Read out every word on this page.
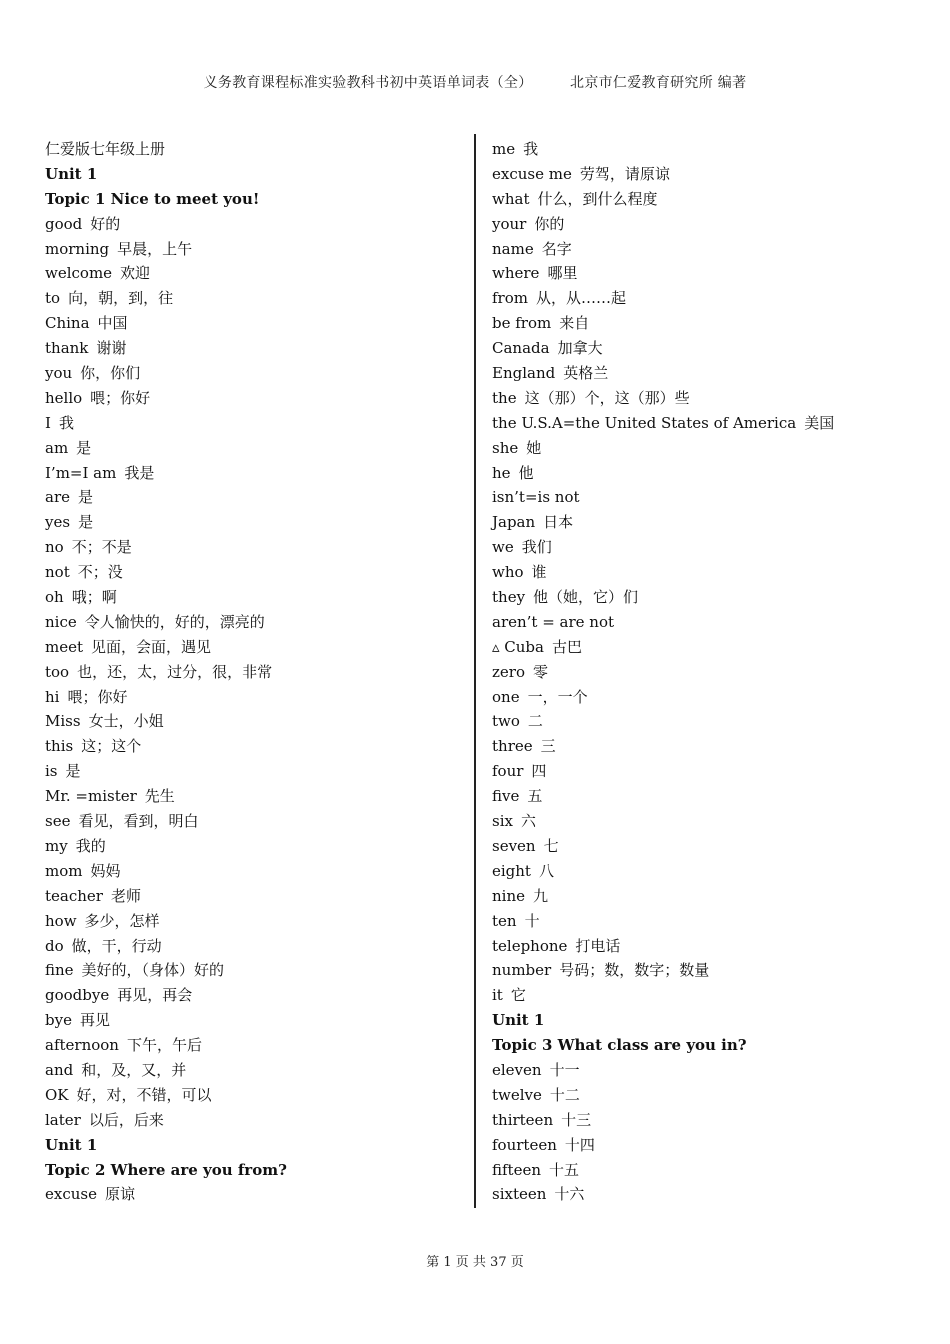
义务教育课程标准实验教科书初中英语单词表（全）	北京市仁爱教育研究所 编著
仁爱版七年级上册
Unit 1
Topic 1 Nice to meet you!
good 好的
morning 早晨，上午
welcome 欢迎
to 向，朝，到，往
China 中国
thank 谢谢
you 你，你们
hello 喂；你好
I 我
am 是
I’m=I am 我是
are 是
yes 是
no 不；不是
not 不；没
oh 哦；啊
nice 令人愉快的，好的，漂亮的
meet 见面，会面，遇见
too 也，还，太，过分，很，非常
hi 喂；你好
Miss 女士，小姐
this 这；这个
is 是
Mr. =mister 先生
see 看见，看到，明白
my 我的
mom 妈妈
teacher 老师
how 多少，怎样
do 做，干，行动
fine 美好的，（身体）好的
goodbye 再见，再会
bye 再见
afternoon 下午，午后
and 和，及，又，并
OK 好，对，不错，可以
later 以后，后来
Unit 1
Topic 2 Where are you from?
excuse 原谅
me 我
excuse me 劳驾，请原谅
what 什么，到什么程度
your 你的
name 名字
where 哪里
from 从，从……起
be from 来自
Canada 加拿大
England 英格兰
the 这（那）个，这（那）些
the U.S.A=the United States of America 美国
she 她
he 他
isn’t=is not
Japan 日本
we 我们
who 谁
they 他（她，它）们
aren’t = are not
▵ Cuba 古巴
zero 零
one 一，一个
two 二
three 三
four 四
five 五
six 六
seven 七
eight 八
nine 九
ten 十
telephone 打电话
number 号码；数，数字；数量
it 它
Unit 1
Topic 3 What class are you in?
eleven 十一
twelve 十二
thirteen 十三
fourteen 十四
fifteen 十五
sixteen 十六
第 1 页 共 37 页
